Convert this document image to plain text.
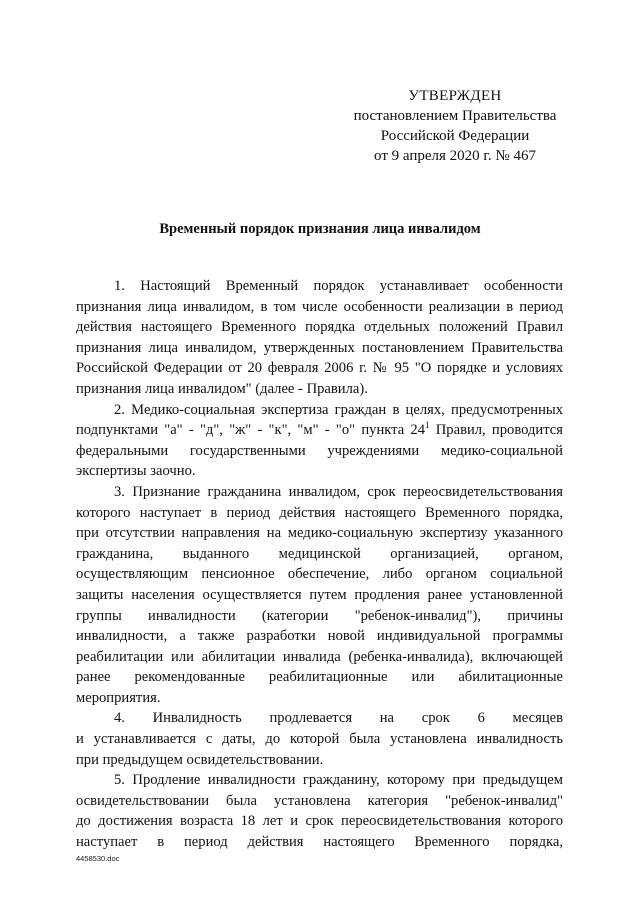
УТВЕРЖДЕН
постановлением Правительства
Российской Федерации
от 9 апреля 2020 г. № 467
Временный порядок признания лица инвалидом
1. Настоящий Временный порядок устанавливает особенности
признания лица инвалидом, в том числе особенности реализации в период
действия настоящего Временного порядка отдельных положений Правил
признания лица инвалидом, утвержденных постановлением Правительства
Российской Федерации от 20 февраля 2006 г. № 95 "О порядке и условиях
признания лица инвалидом" (далее - Правила).
2. Медико-социальная экспертиза граждан в целях, предусмотренных
подпунктами "а" - "д", "ж" - "к", "м" - "о" пункта $24^1$ Правил, проводится
федеральными государственными учреждениями медико-социальной
экспертизы заочно.
3. Признание гражданина инвалидом, срок переосвидетельствования
которого наступает в период действия настоящего Временного порядка,
при отсутствии направления на медико-социальную экспертизу указанного
гражданина, выданного медицинской организацией, органом,
осуществляющим пенсионное обеспечение, либо органом социальной
защиты населения осуществляется путем продления ранее установленной
группы инвалидности (категории "ребенок-инвалид"), причины
инвалидности, а также разработки новой индивидуальной программы
реабилитации или абилитации инвалида (ребенка-инвалида), включающей
ранее рекомендованные реабилитационные или абилитационные
мероприятия.
4. Инвалидность продлевается на срок 6 месяцев
и устанавливается с даты, до которой была установлена инвалидность
при предыдущем освидетельствовании.
5. Продление инвалидности гражданину, которому при предыдущем
освидетельствовании была установлена категория "ребенок-инвалид"
до достижения возраста 18 лет и срок переосвидетельствования которого
наступает в период действия настоящего Временного порядка,
4458530.doc
